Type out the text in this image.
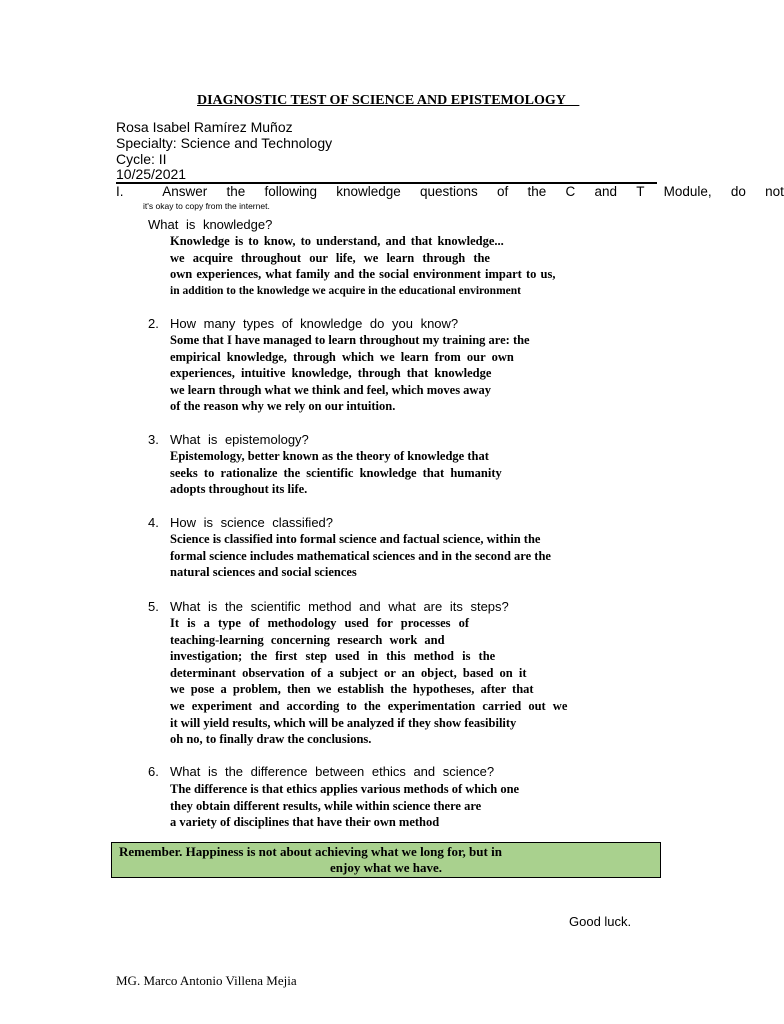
DIAGNOSTIC TEST OF SCIENCE AND EPISTEMOLOGY
Rosa Isabel Ramírez Muñoz
Specialty: Science and Technology
Cycle: II
10/25/2021
I.	Answer the following knowledge questions of the C and T Module, do not
it's okay to copy from the internet.
What is knowledge?
Knowledge is to know, to understand, and that knowledge...
we acquire throughout our life, we learn through the
own experiences, what family and the social environment impart to us,
in addition to the knowledge we acquire in the educational environment
2. How many types of knowledge do you know?
Some that I have managed to learn throughout my training are: the
empirical knowledge, through which we learn from our own
experiences, intuitive knowledge, through that knowledge
we learn through what we think and feel, which moves away
of the reason why we rely on our intuition.
3. What is epistemology?
Epistemology, better known as the theory of knowledge that
seeks to rationalize the scientific knowledge that humanity
adopts throughout its life.
4. How is science classified?
Science is classified into formal science and factual science, within the
formal science includes mathematical sciences and in the second are the
natural sciences and social sciences
5. What is the scientific method and what are its steps?
It is a type of methodology used for processes of
teaching-learning concerning research work and
investigation; the first step used in this method is the
determinant observation of a subject or an object, based on it
we pose a problem, then we establish the hypotheses, after that
we experiment and according to the experimentation carried out we
it will yield results, which will be analyzed if they show feasibility
oh no, to finally draw the conclusions.
6. What is the difference between ethics and science?
The difference is that ethics applies various methods of which one
they obtain different results, while within science there are
a variety of disciplines that have their own method
Remember. Happiness is not about achieving what we long for, but in
enjoy what we have.
Good luck.
MG. Marco Antonio Villena Mejia
